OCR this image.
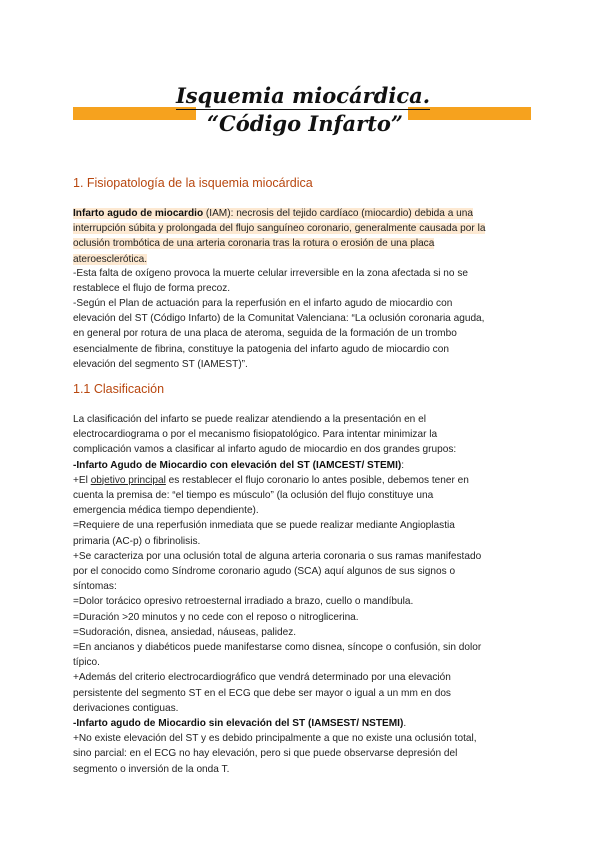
Isquemia miocárdica.
“Código Infarto”
1. Fisiopatología de la isquemia miocárdica
Infarto agudo de miocardio (IAM): necrosis del tejido cardíaco (miocardio) debida a una
interrupción súbita y prolongada del flujo sanguíneo coronario, generalmente causada por la
oclusión trombótica de una arteria coronaria tras la rotura o erosión de una placa
ateroesclerótica.
-Esta falta de oxígeno provoca la muerte celular irreversible en la zona afectada si no se
restablece el flujo de forma precoz.
-Según el Plan de actuación para la reperfusión en el infarto agudo de miocardio con
elevación del ST (Código Infarto) de la Comunitat Valenciana: “La oclusión coronaria aguda,
en general por rotura de una placa de ateroma, seguida de la formación de un trombo
esencialmente de fibrina, constituye la patogenia del infarto agudo de miocardio con
elevación del segmento ST (IAMEST)”.
1.1 Clasificación
La clasificación del infarto se puede realizar atendiendo a la presentación en el
electrocardiograma o por el mecanismo fisiopatológico. Para intentar minimizar la
complicación vamos a clasificar al infarto agudo de miocardio en dos grandes grupos:
-Infarto Agudo de Miocardio con elevación del ST (IAMCEST/ STEMI):
+El objetivo principal es restablecer el flujo coronario lo antes posible, debemos tener en
cuenta la premisa de: “el tiempo es músculo” (la oclusión del flujo constituye una
emergencia médica tiempo dependiente).
=Requiere de una reperfusión inmediata que se puede realizar mediante Angioplastia
primaria (AC-p) o fibrinolisis.
+Se caracteriza por una oclusión total de alguna arteria coronaria o sus ramas manifestado
por el conocido como Síndrome coronario agudo (SCA) aquí algunos de sus signos o
síntomas:
=Dolor torácico opresivo retroesternal irradiado a brazo, cuello o mandíbula.
=Duración >20 minutos y no cede con el reposo o nitroglicerina.
=Sudoración, disnea, ansiedad, náuseas, palidez.
=En ancianos y diabéticos puede manifestarse como disnea, síncope o confusión, sin dolor
típico.
+Además del criterio electrocardiográfico que vendrá determinado por una elevación
persistente del segmento ST en el ECG que debe ser mayor o igual a un mm en dos
derivaciones contiguas.
-Infarto agudo de Miocardio sin elevación del ST (IAMSEST/ NSTEMI).
+No existe elevación del ST y es debido principalmente a que no existe una oclusión total,
sino parcial: en el ECG no hay elevación, pero si que puede observarse depresión del
segmento o inversión de la onda T.
